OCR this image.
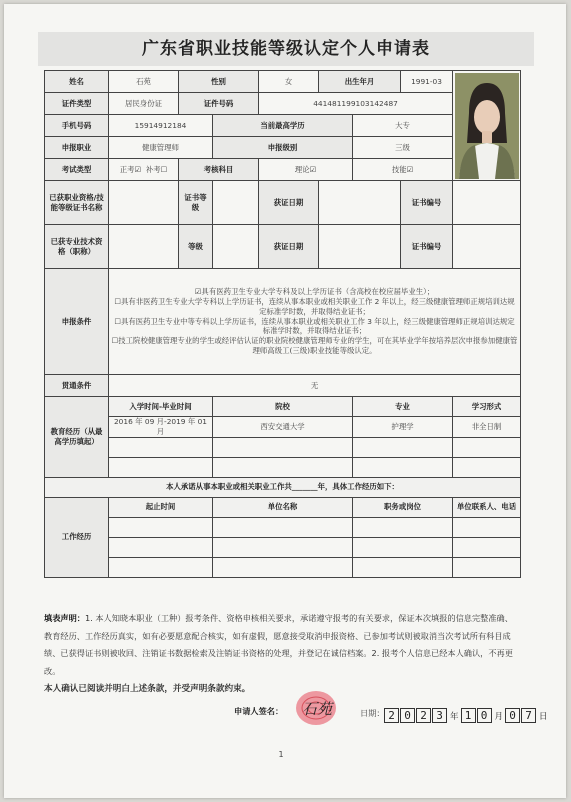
广东省职业技能等级认定个人申请表
姓名	石苑	性别		女	出生年月		1991-03	

证件类型	居民身份证	证件号码		441481199103142487				
手机号码	15914912184		当前最高学历			大专		
申报职业	健康管理师		申报级别			三级		
考试类型	正考☑ 补考☐	考核科目		理论☑		技能☑		
已获职业资格/技能等级证书名称		证书等级		获证日期			证书编号	
已获专业技术资格（职称）		等级		获证日期			证书编号	
申报条件	☑具有医药卫生专业大学专科及以上学历证书（含高校在校应届毕业生）；
☐具有非医药卫生专业大学专科以上学历证书，连续从事本职业或相关职业工作 2 年以上，经三级健康管理师正规培训达规定标准学时数，并取得结业证书；
☐具有医药卫生专业中等专科以上学历证书，连续从事本职业或相关职业工作 3 年以上，经三级健康管理师正规培训达规定标准学时数，并取得结业证书；
☐技工院校健康管理专业的学生或经评估认证的职业院校健康管理师专业的学生，可在其毕业学年按培养层次申报参加健康管理师高级工(三级)职业技能等级认定。							

贯通条件	无							
教育经历（从最高学历填起）	入学时间-毕业时间		院校			专业		学习形式
	2016 年 09 月-2019 年 01 月		西安交通大学			护理学		非全日制

本人承诺从事本职业或相关职业工作共_______年，具体工作经历如下：								
工作经历	起止时间		单位名称			职务或岗位		单位联系人、电话

填表声明：1. 本人知晓本职业（工种）报考条件、资格申核相关要求，承诺遵守报考的有关要求，保证本次填报的信息完整准确、教育经历、工作经历真实，如有必要愿意配合核实，如有虚假，愿意接受取消申报资格、已参加考试则被取消当次考试所有科目成绩、已获得证书则被收回、注销证书数据检索及注销证书资格的处理，并登记在诚信档案。2. 报考个人信息已经本人确认，不再更改。
本人确认已阅读并明白上述条款，并受声明条款约束。
申请人签名： 石苑	日期： 2 0 2 3 年 1 0 月 0 7 日
1
